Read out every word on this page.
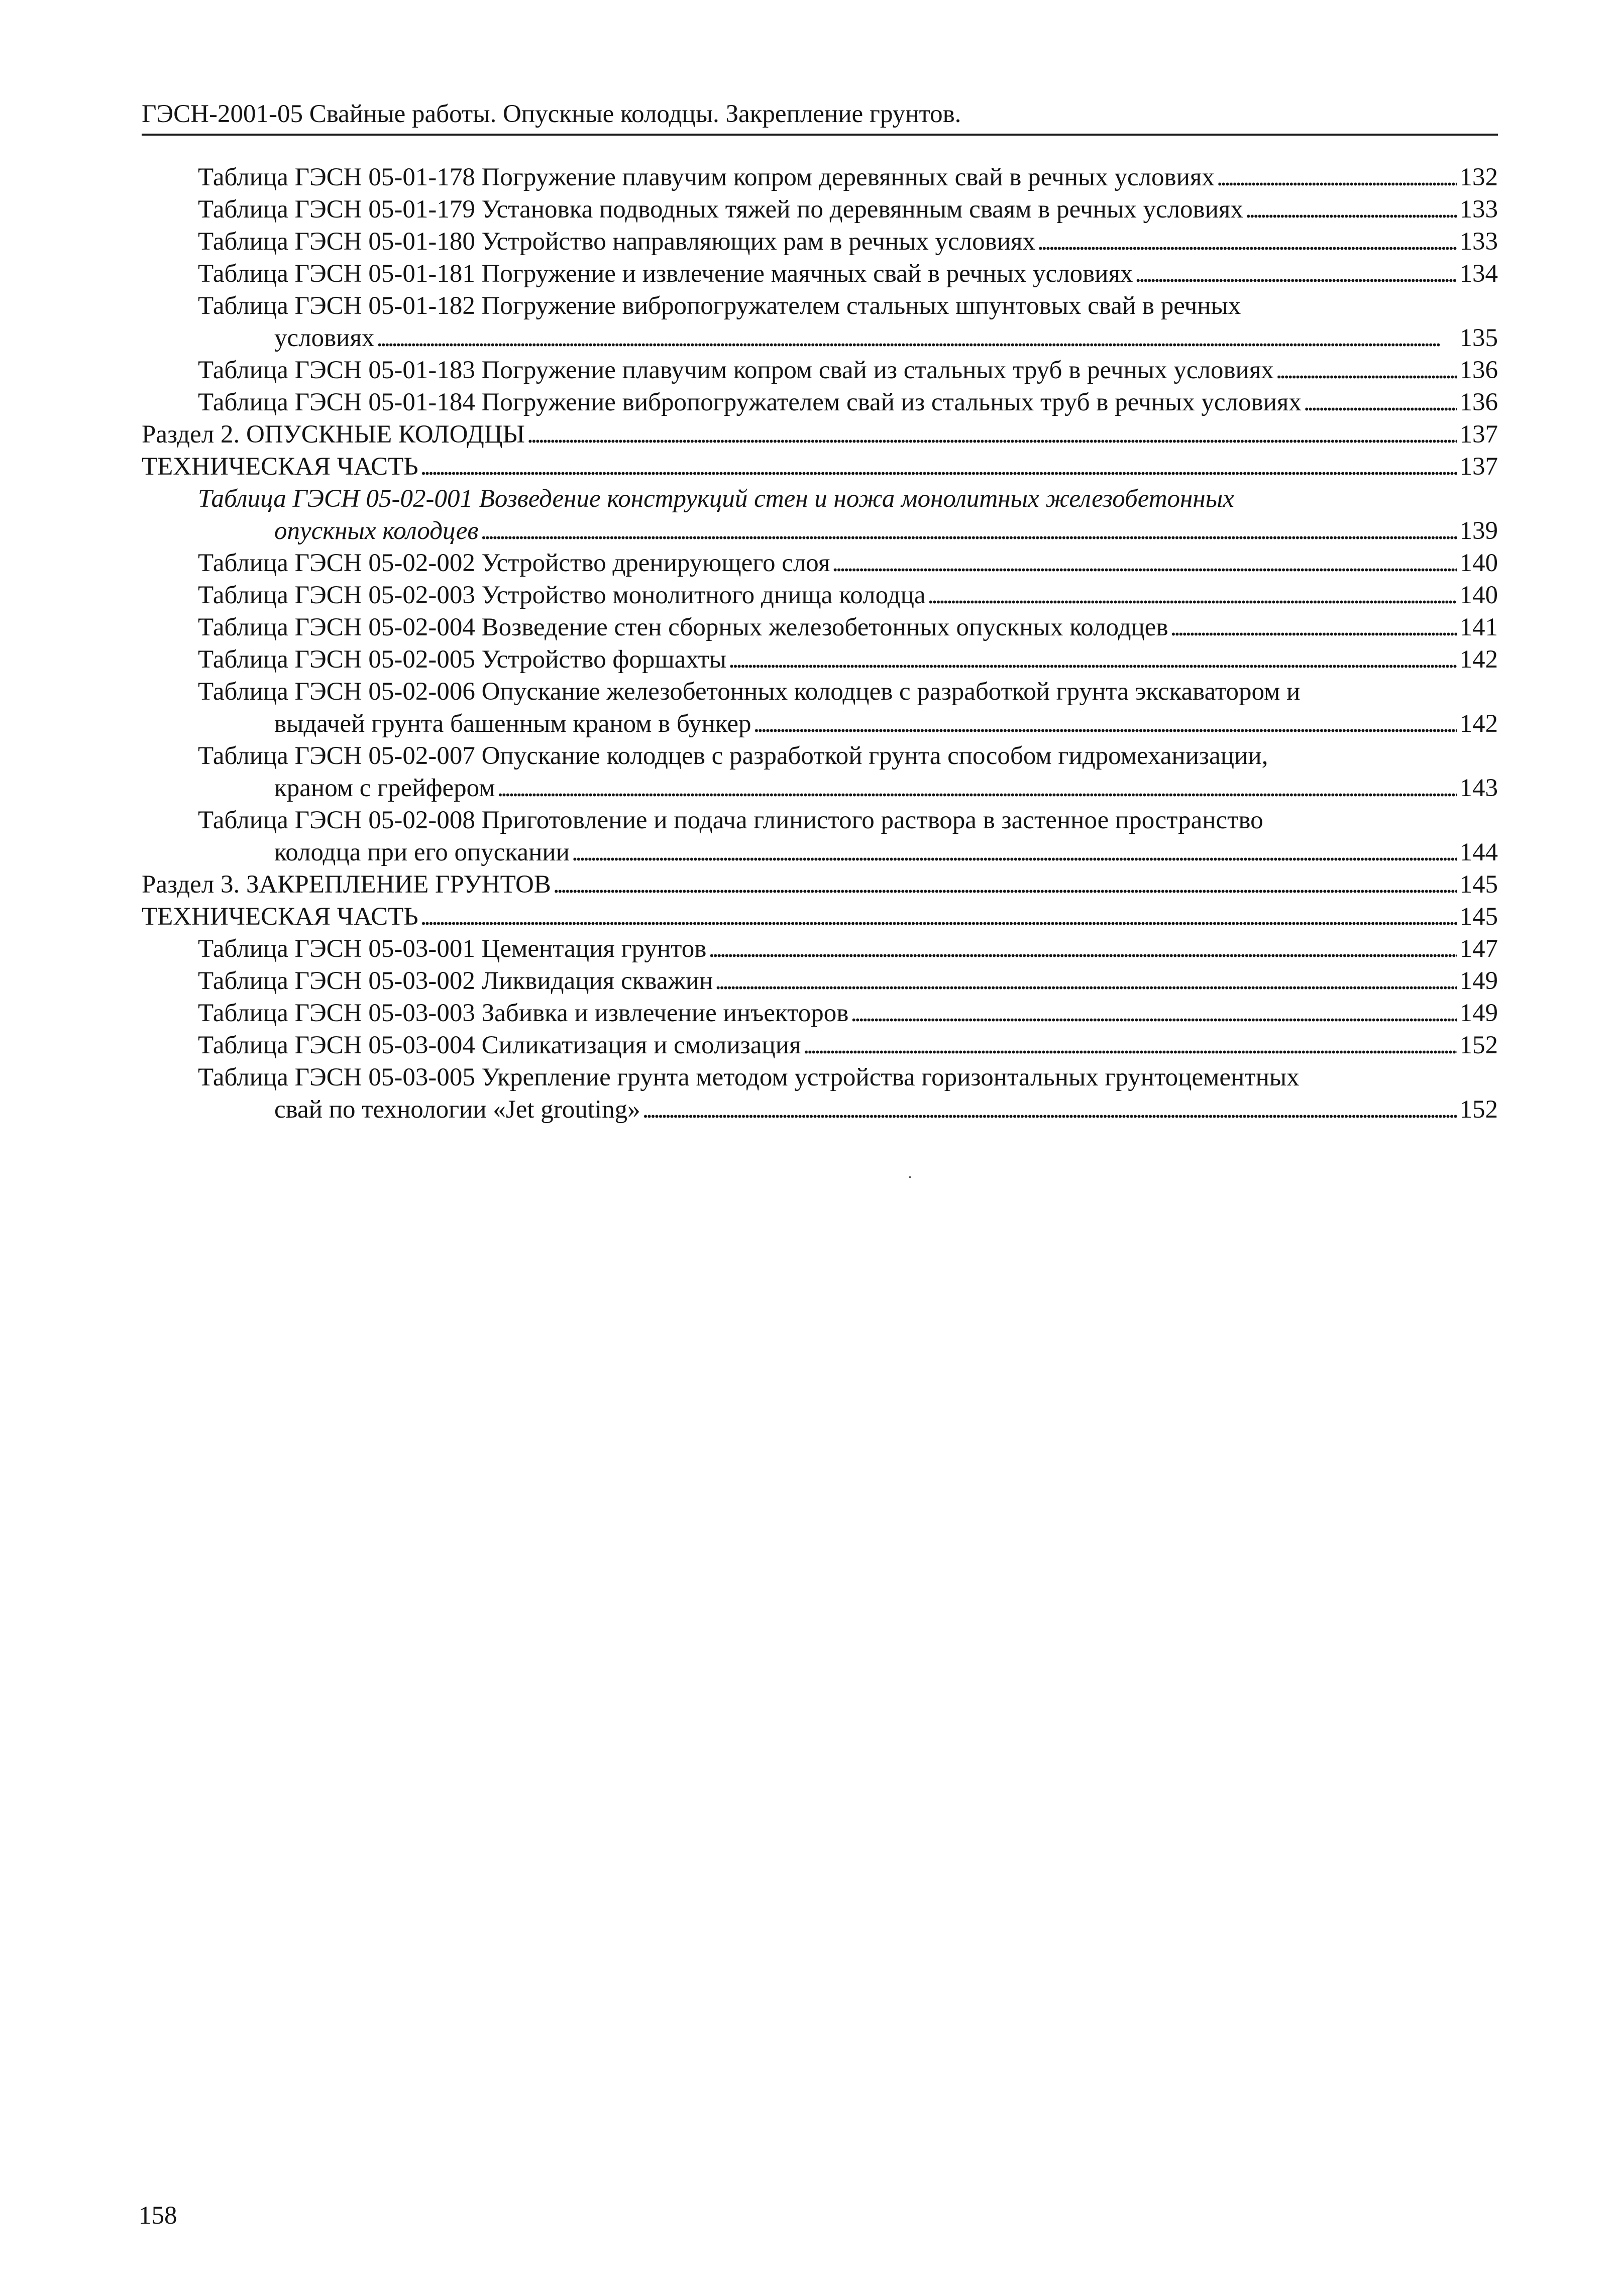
ГЭСН-2001-05 Свайные работы. Опускные колодцы. Закрепление грунтов.
Таблица ГЭСН 05-01-178 Погружение плавучим копром деревянных свай в речных условиях . . .	132
Таблица ГЭСН 05-01-179 Установка подводных тяжей по деревянным сваям в речных условиях . . .	133
Таблица ГЭСН 05-01-180 Устройство направляющих рам в речных условиях . . .	133
Таблица ГЭСН 05-01-181 Погружение и извлечение маячных свай в речных условиях . . .	134
Таблица ГЭСН 05-01-182 Погружение вибропогружателем стальных шпунтовых свай в речных
условиях . . .	135
Таблица ГЭСН 05-01-183 Погружение плавучим копром свай из стальных труб в речных условиях . . .	136
Таблица ГЭСН 05-01-184 Погружение вибропогружателем свай из стальных труб в речных условиях . . .	136
Раздел 2. ОПУСКНЫЕ КОЛОДЦЫ . . .	137
ТЕХНИЧЕСКАЯ ЧАСТЬ . . .	137
Таблица ГЭСН 05-02-001 Возведение конструкций стен и ножа монолитных железобетонных
опускных колодцев . . .	139
Таблица ГЭСН 05-02-002 Устройство дренирующего слоя . . .	140
Таблица ГЭСН 05-02-003 Устройство монолитного днища колодца . . .	140
Таблица ГЭСН 05-02-004 Возведение стен сборных железобетонных опускных колодцев . . .	141
Таблица ГЭСН 05-02-005 Устройство форшахты . . .	142
Таблица ГЭСН 05-02-006 Опускание железобетонных колодцев с разработкой грунта экскаватором и
выдачей грунта башенным краном в бункер . . .	142
Таблица ГЭСН 05-02-007 Опускание колодцев с разработкой грунта способом гидромеханизации,
краном с грейфером . . .	143
Таблица ГЭСН 05-02-008 Приготовление и подача глинистого раствора в застенное пространство
колодца при его опускании . . .	144
Раздел 3. ЗАКРЕПЛЕНИЕ ГРУНТОВ . . .	145
ТЕХНИЧЕСКАЯ ЧАСТЬ . . .	145
Таблица ГЭСН 05-03-001 Цементация грунтов . . .	147
Таблица ГЭСН 05-03-002 Ликвидация скважин . . .	149
Таблица ГЭСН 05-03-003 Забивка и извлечение инъекторов . . .	149
Таблица ГЭСН 05-03-004 Силикатизация и смолизация . . .	152
Таблица ГЭСН 05-03-005 Укрепление грунта методом устройства горизонтальных грунтоцементных
свай по технологии «Jet grouting» . . .	152
158
